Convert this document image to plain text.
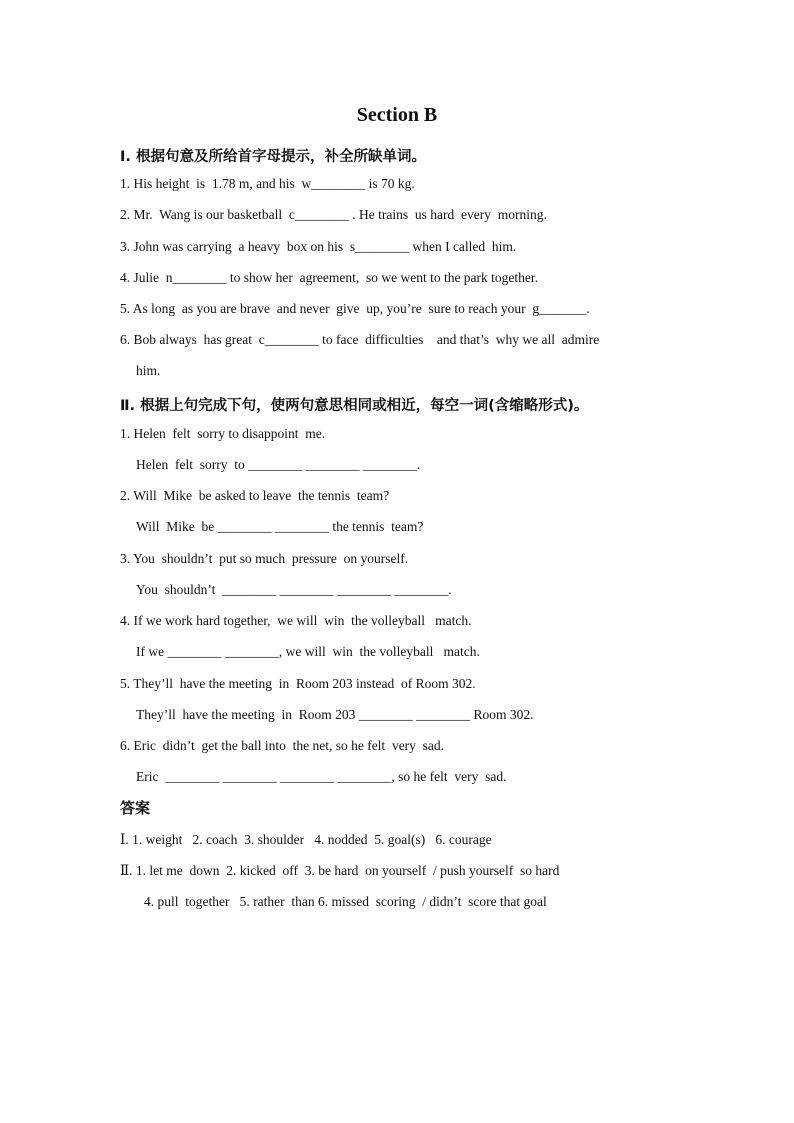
Section B
Ⅰ. 根据句意及所给首字母提示，补全所缺单词。
1. His height  is  1.78 m, and his  w________ is 70 kg.
2. Mr.  Wang is our basketball  c________ . He trains  us hard  every  morning.
3. John was carrying  a heavy  box on his  s________ when I called  him.
4. Julie  n________ to show her  agreement,  so we went to the park together.
5. As long  as you are brave  and never  give  up, you’re  sure to reach your  g_______.
6. Bob always  has great  c________ to face  difficulties    and that’s  why we all  admire
him.
Ⅱ. 根据上句完成下句，使两句意思相同或相近，每空一词(含缩略形式)。
1. Helen  felt  sorry to disappoint  me.
Helen  felt  sorry  to ________ ________ ________.
2. Will  Mike  be asked to leave  the tennis  team?
Will  Mike  be ________ ________ the tennis  team?
3. You  shouldn’t  put so much  pressure  on yourself.
You  shouldn’t  ________ ________ ________ ________.
4. If we work hard together,  we will  win  the volleyball   match.
If we ________ ________, we will  win  the volleyball   match.
5. They’ll  have the meeting  in  Room 203 instead  of Room 302.
They’ll  have the meeting  in  Room 203 ________ ________ Room 302.
6. Eric  didn’t  get the ball into  the net, so he felt  very  sad.
Eric  ________ ________ ________ ________, so he felt  very  sad.
答案
Ⅰ. 1. weight   2. coach  3. shoulder   4. nodded  5. goal(s)   6. courage
Ⅱ. 1. let me  down  2. kicked  off  3. be hard  on yourself  / push yourself  so hard
4. pull  together   5. rather  than 6. missed  scoring  / didn’t  score that goal
